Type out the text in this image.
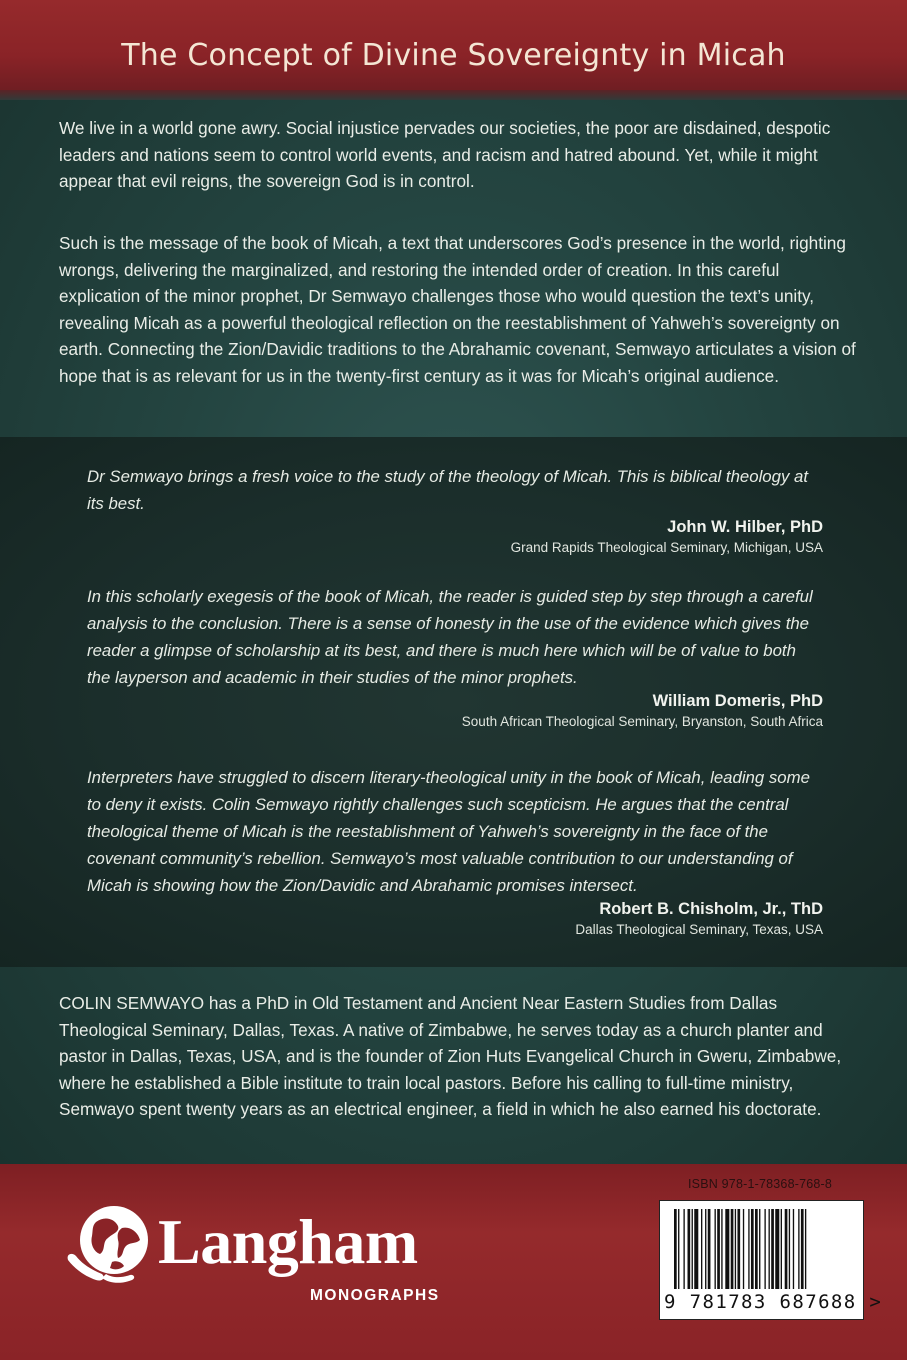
The Concept of Divine Sovereignty in Micah

We live in a world gone awry. Social injustice pervades our societies, the poor are disdained, despotic leaders and nations seem to control world events, and racism and hatred abound. Yet, while it might appear that evil reigns, the sovereign God is in control.

Such is the message of the book of Micah, a text that underscores God’s presence in the world, righting wrongs, delivering the marginalized, and restoring the intended order of creation. In this careful explication of the minor prophet, Dr Semwayo challenges those who would question the text’s unity, revealing Micah as a powerful theological reflection on the reestablishment of Yahweh’s sovereignty on earth. Connecting the Zion/Davidic traditions to the Abrahamic covenant, Semwayo articulates a vision of hope that is as relevant for us in the twenty-first century as it was for Micah’s original audience.

Dr Semwayo brings a fresh voice to the study of the theology of Micah. This is biblical theology at its best.

John W. Hilber, PhD

Grand Rapids Theological Seminary, Michigan, USA

In this scholarly exegesis of the book of Micah, the reader is guided step by step through a careful analysis to the conclusion. There is a sense of honesty in the use of the evidence which gives the reader a glimpse of scholarship at its best, and there is much here which will be of value to both the layperson and academic in their studies of the minor prophets.

William Domeris, PhD

South African Theological Seminary, Bryanston, South Africa

Interpreters have struggled to discern literary-theological unity in the book of Micah, leading some to deny it exists. Colin Semwayo rightly challenges such scepticism. He argues that the central theological theme of Micah is the reestablishment of Yahweh’s sovereignty in the face of the covenant community’s rebellion. Semwayo’s most valuable contribution to our understanding of Micah is showing how the Zion/Davidic and Abrahamic promises intersect.

Robert B. Chisholm, Jr., ThD

Dallas Theological Seminary, Texas, USA

COLIN SEMWAYO has a PhD in Old Testament and Ancient Near Eastern Studies from Dallas Theological Seminary, Dallas, Texas. A native of Zimbabwe, he serves today as a church planter and pastor in Dallas, Texas, USA, and is the founder of Zion Huts Evangelical Church in Gweru, Zimbabwe, where he established a Bible institute to train local pastors. Before his calling to full-time ministry, Semwayo spent twenty years as an electrical engineer, a field in which he also earned his doctorate.

Langham

MONOGRAPHS

ISBN 978-1-78368-768-8
9 781783 687688 >
